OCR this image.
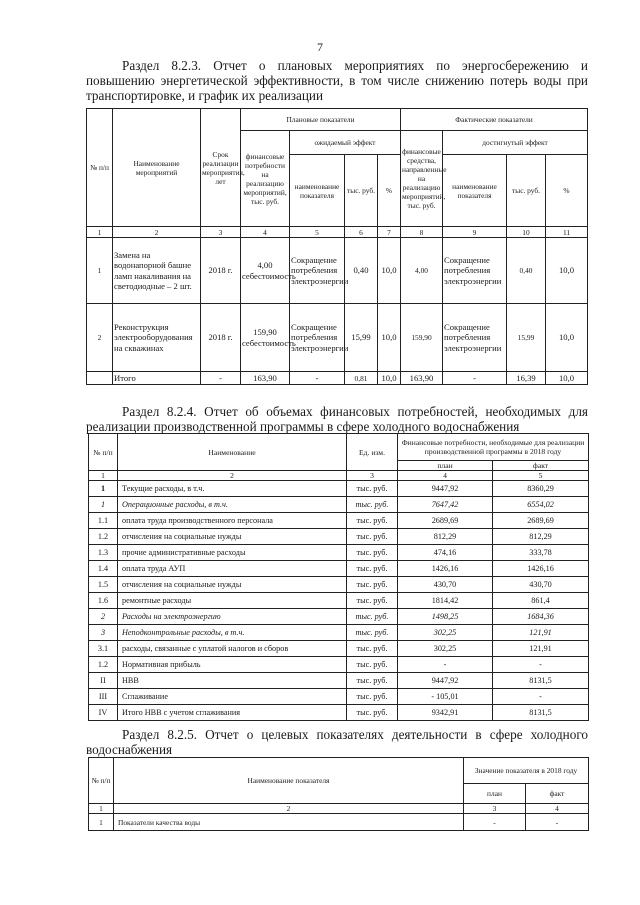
7
Раздел 8.2.3. Отчет о плановых мероприятиях по энергосбережению и повышению энергетической эффективности, в том числе снижению потерь воды при транспортировке, и график их реализации
№ п/п	Наименование мероприятий	Срок реализации мероприятия, лет	Плановые показатели				Фактические показатели			
			финансовые потребности на реализацию мероприятий, тыс. руб.	ожидаемый эффект			финансовые средства, направленные на реализацию мероприятий, тыс. руб.	достигнутый эффект		
				наименование показателя	тыс. руб.	%		наименование показателя	тыс. руб.	%
1	2	3	4	5	6	7	8	9	10	11
1	Замена на водонапорной башне ламп накаливания на светодиодные – 2 шт.	2018 г.	4,00 себестоимость	Сокращение потребления электроэнергии	0,40	10,0	4,00	Сокращение потребления электроэнергии	0,40	10,0
2	Реконструкция электрооборудования на скважинах	2018 г.	159,90 себестоимость	Сокращение потребления электроэнергии	15,99	10,0	159,90	Сокращение потребления электроэнергии	15,99	10,0
	Итого	-	163,90	-	0,81	10,0	163,90	-	16,39	10,0
Раздел 8.2.4. Отчет об объемах финансовых потребностей, необходимых для реализации производственной программы в сфере холодного водоснабжения
№ п/п	Наименование	Ед. изм.	Финансовые потребности, необходимые для реализации производственной программы в 2018 году	
			план	факт
1	2	3	4	5
1	Текущие расходы, в т.ч.	тыс. руб.	9447,92	8360,29
1	Операционные расходы, в т.ч.	тыс. руб.	7647,42	6554,02
1.1	оплата труда производственного персонала	тыс. руб.	2689,69	2689,69
1.2	отчисления на социальные нужды	тыс. руб.	812,29	812,29
1.3	прочие административные расходы	тыс. руб.	474,16	333,78
1.4	оплата труда АУП	тыс. руб.	1426,16	1426,16
1.5	отчисления на социальные нужды	тыс. руб.	430,70	430,70
1.6	ремонтные расходы	тыс. руб.	1814,42	861,4
2	Расходы на электроэнергию	тыс. руб.	1498,25	1684,36
3	Неподконтрольные расходы, в т.ч.	тыс. руб.	302,25	121,91
3.1	расходы, связанные с уплатой налогов и сборов	тыс. руб.	302,25	121,91
1.2	Нормативная прибыль	тыс. руб.	-	-
II	НВВ	тыс. руб.	9447,92	8131,5
III	Сглаживание	тыс. руб.	- 105,01	-
IV	Итого НВВ с учетом сглаживания	тыс. руб.	9342,91	8131,5
Раздел 8.2.5. Отчет о целевых показателях деятельности в сфере холодного водоснабжения
№ п/п	Наименование показателя	Значение показателя в 2018 году	
		план	факт
1	2	3	4
1	Показатели качества воды	-	-
